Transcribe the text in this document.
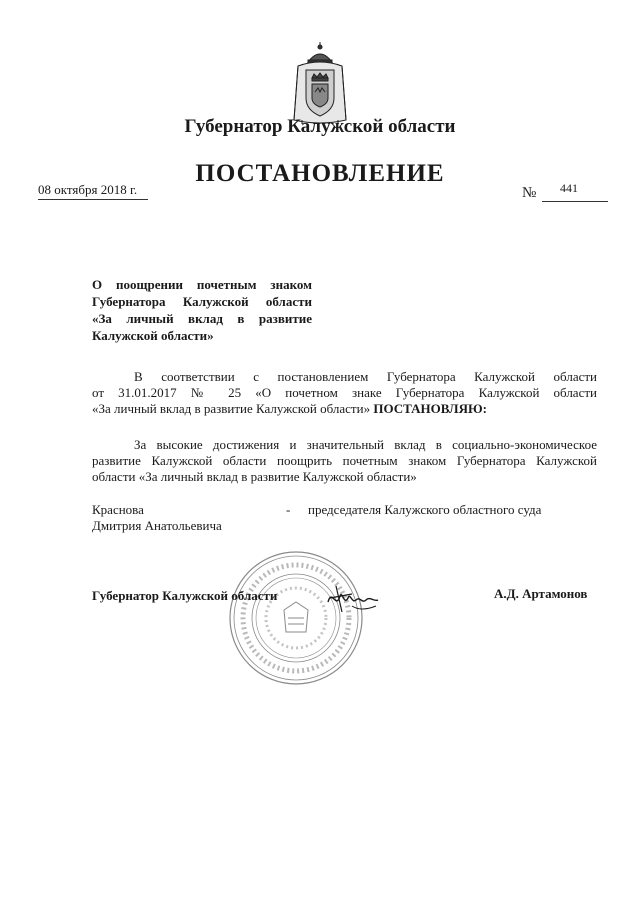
Губернатор Калужской области
ПОСТАНОВЛЕНИЕ
08 октября 2018 г.	№ 441
О поощрении почетным знаком
Губернатора Калужской области
«За личный вклад в развитие
Калужской области»
В соответствии с постановлением Губернатора Калужской области
от 31.01.2017 № 25 «О почетном знаке Губернатора Калужской области
«За личный вклад в развитие Калужской области» ПОСТАНОВЛЯЮ:
За высокие достижения и значительный вклад в социально-экономическое
развитие Калужской области поощрить почетным знаком Губернатора Калужской
области «За личный вклад в развитие Калужской области»
Краснова
Дмитрия Анатольевича
- председателя Калужского областного суда
Губернатор Калужской области	А.Д. Артамонов
